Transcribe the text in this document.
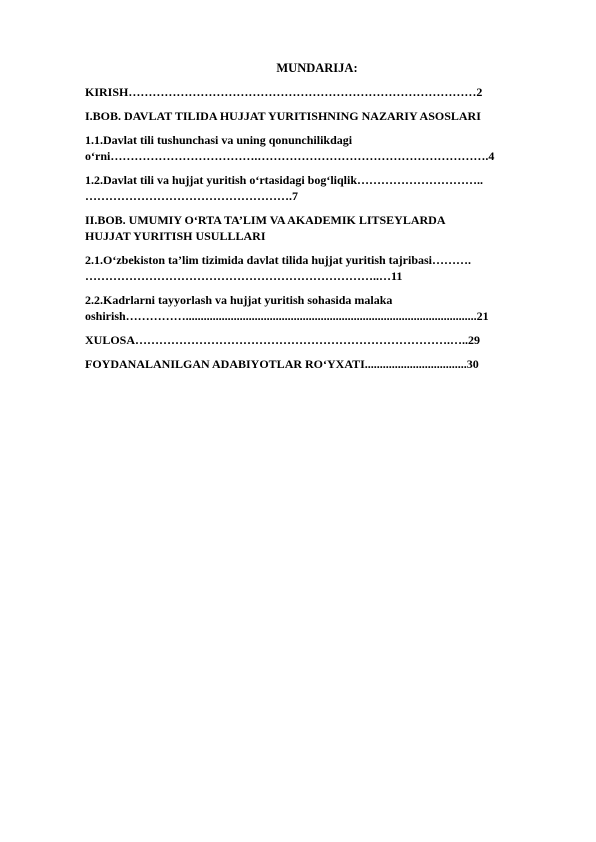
MUNDARIJA:
KIRISH……………………………………………………………………………2
I.BOB. DAVLAT TILIDA HUJJAT YURITISHNING NAZARIY ASOSLARI
1.1.Davlat tili tushunchasi va uning qonunchilikdagi
o‘rni……………………………….………………………………………………….4
1.2.Davlat tili va hujjat yuritish o‘rtasidagi bog‘liqlik…………………………..
…………………………………………….7
II.BOB. UMUMIY O‘RTA TA’LIM VA AKADEMIK LITSEYLARDA
HUJJAT YURITISH USULLLARI
2.1.O‘zbekiston ta’lim tizimida davlat tilida hujjat yuritish tajribasi……….
………………………………………………………………..…11
2.2.Kadrlarni tayyorlash va hujjat yuritish sohasida malaka
oshirish…………….................................................................................................21
XULOSA…………………………………………………………………….…..29
FOYDANALANILGAN ADABIYOTLAR RO‘YXATI..................................30
